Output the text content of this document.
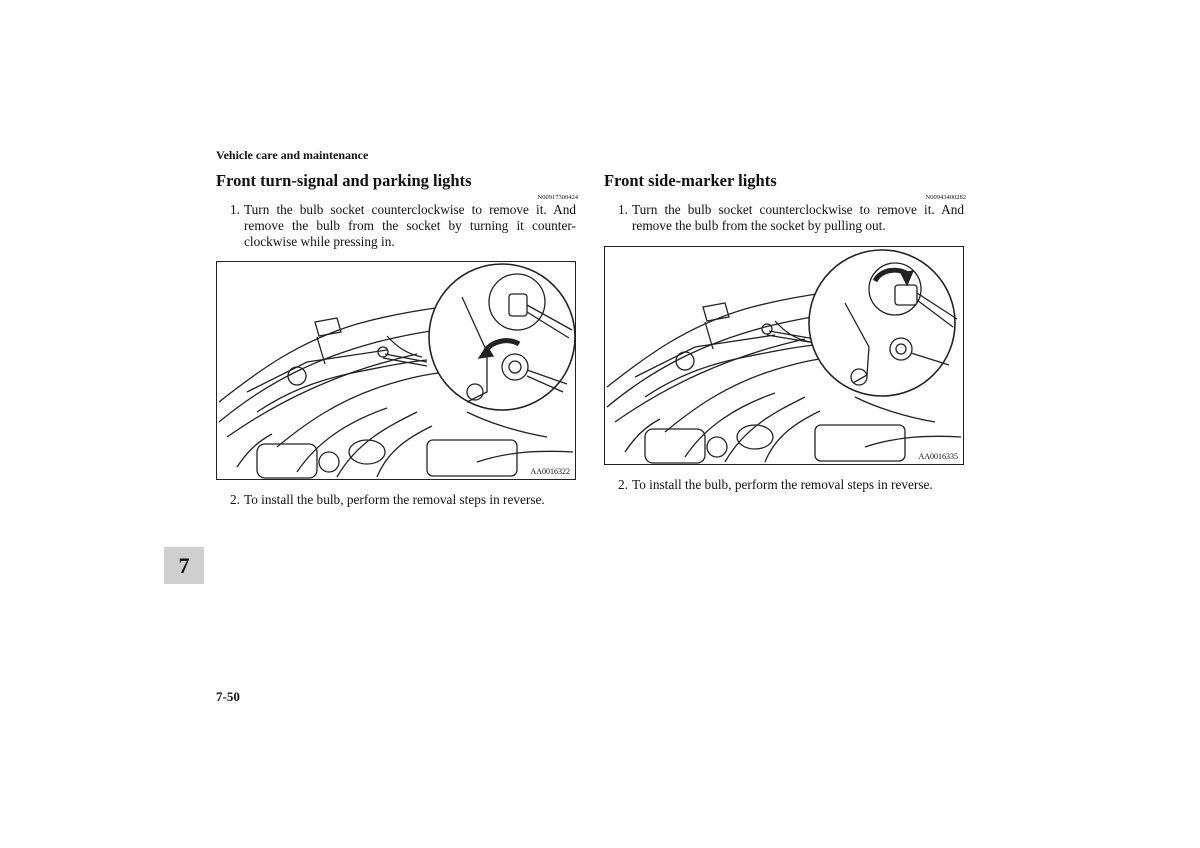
Vehicle care and maintenance
Front turn-signal and parking lights
N00917300424
1. Turn the bulb socket counterclockwise to remove it. And remove the bulb from the socket by turning it counter-clockwise while pressing in.
AA0016322
2. To install the bulb, perform the removal steps in reverse.
Front side-marker lights
N00943400282
1. Turn the bulb socket counterclockwise to remove it. And remove the bulb from the socket by pulling out.
AA0016335
2. To install the bulb, perform the removal steps in reverse.
7
7-50
